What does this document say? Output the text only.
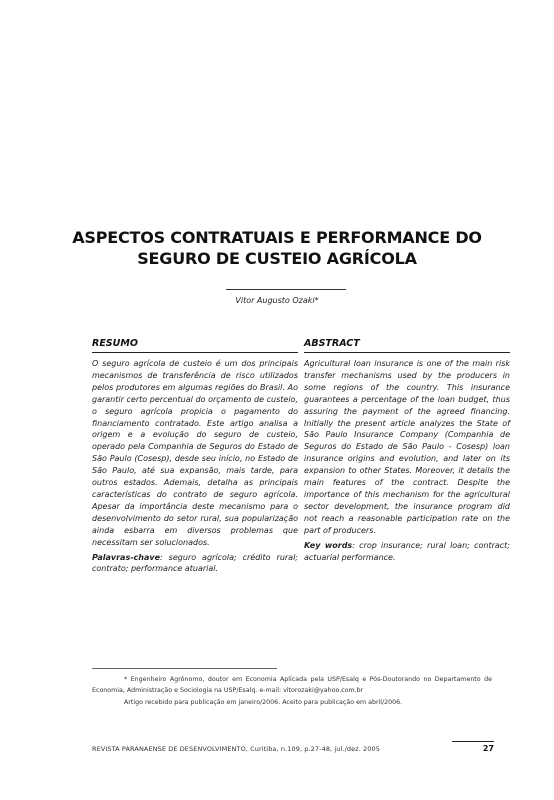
ASPECTOS CONTRATUAIS E PERFORMANCE DO
SEGURO DE CUSTEIO AGRÍCOLA
Vitor Augusto Ozaki*
RESUMO

O seguro agrícola de custeio é um dos principais mecanismos de transferência de risco utilizados pelos produtores em algumas regiões do Brasil. Ao garantir certo percentual do orçamento de custeio, o seguro agrícola propicia o pagamento do financiamento contratado. Este artigo analisa a origem e a evolução do seguro de custeio, operado pela Companhia de Seguros do Estado de São Paulo (Cosesp), desde seu início, no Estado de São Paulo, até sua expansão, mais tarde, para outros estados. Ademais, detalha as principais características do contrato de seguro agrícola. Apesar da importância deste mecanismo para o desenvolvimento do setor rural, sua popularização ainda esbarra em diversos problemas que necessitam ser solucionados.

Palavras-chave: seguro agrícola; crédito rural; contrato; performance atuarial.

ABSTRACT

Agricultural loan insurance is one of the main risk transfer mechanisms used by the producers in some regions of the country. This insurance guarantees a percentage of the loan budget, thus assuring the payment of the agreed financing. Initially the present article analyzes the State of São Paulo Insurance Company (Companhia de Seguros do Estado de São Paulo - Cosesp) loan insurance origins and evolution, and later on its expansion to other States. Moreover, it details the main features of the contract. Despite the importance of this mechanism for the agricultural sector development, the insurance program did not reach a reasonable participation rate on the part of producers.

Key words: crop insurance; rural loan; contract; actuarial performance.

* Engenheiro Agrônomo, doutor em Economia Aplicada pela USP/Esalq e Pós-Doutorando no Departamento de Economia, Administração e Sociologia na USP/Esalq. e-mail: vitorozaki@yahoo.com.br

Artigo recebido para publicação em janeiro/2006. Aceito para publicação em abril/2006.

REVISTA PARANAENSE DE DESENVOLVIMENTO, Curitiba, n.109, p.27-48, jul./dez. 2005	27
